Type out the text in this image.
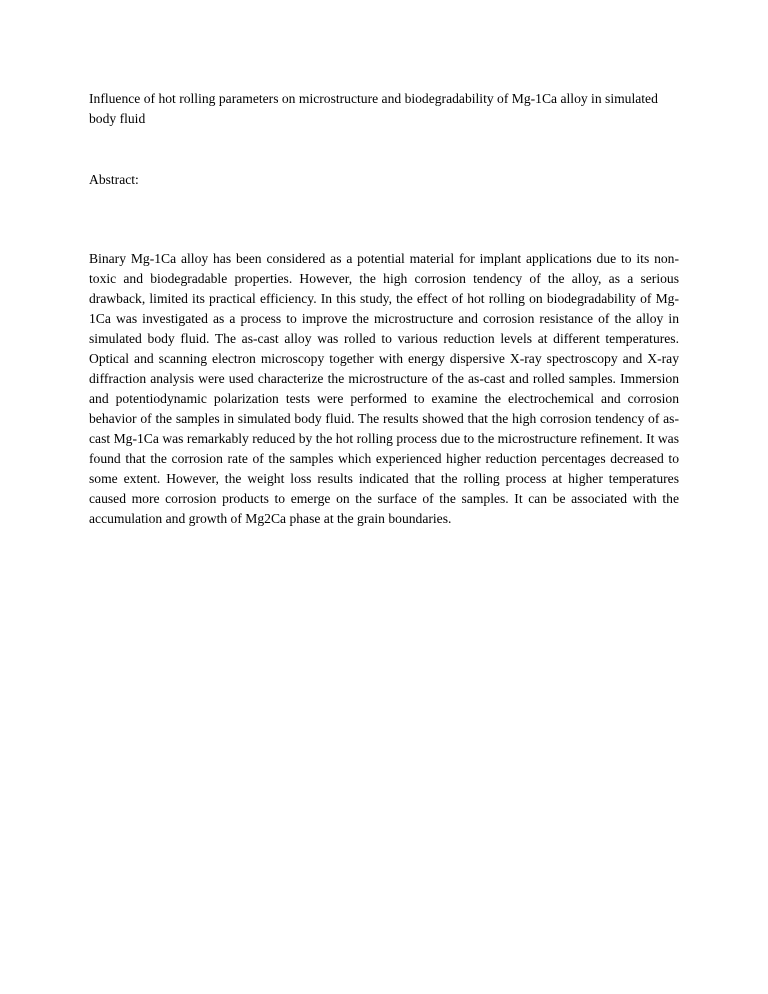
Influence of hot rolling parameters on microstructure and biodegradability of Mg-1Ca alloy in simulated body fluid

Abstract:

Binary Mg-1Ca alloy has been considered as a potential material for implant applications due to its non-toxic and biodegradable properties. However, the high corrosion tendency of the alloy, as a serious drawback, limited its practical efficiency. In this study, the effect of hot rolling on biodegradability of Mg-1Ca was investigated as a process to improve the microstructure and corrosion resistance of the alloy in simulated body fluid. The as-cast alloy was rolled to various reduction levels at different temperatures. Optical and scanning electron microscopy together with energy dispersive X-ray spectroscopy and X-ray diffraction analysis were used characterize the microstructure of the as-cast and rolled samples. Immersion and potentiodynamic polarization tests were performed to examine the electrochemical and corrosion behavior of the samples in simulated body fluid. The results showed that the high corrosion tendency of as-cast Mg-1Ca was remarkably reduced by the hot rolling process due to the microstructure refinement. It was found that the corrosion rate of the samples which experienced higher reduction percentages decreased to some extent. However, the weight loss results indicated that the rolling process at higher temperatures caused more corrosion products to emerge on the surface of the samples. It can be associated with the accumulation and growth of Mg2Ca phase at the grain boundaries.
